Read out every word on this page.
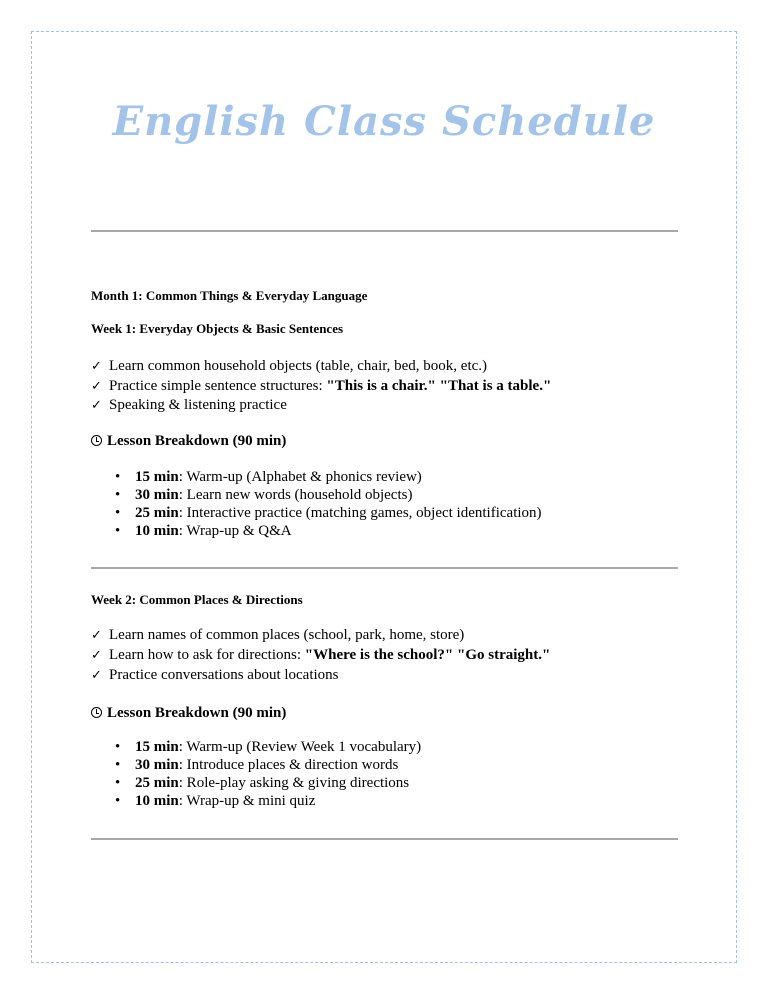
English Class Schedule
Month 1: Common Things & Everyday Language
Week 1: Everyday Objects & Basic Sentences
✓ Learn common household objects (table, chair, bed, book, etc.)
✓ Practice simple sentence structures: "This is a chair." "That is a table."
✓ Speaking & listening practice
Lesson Breakdown (90 min)
• 15 min: Warm-up (Alphabet & phonics review)
• 30 min: Learn new words (household objects)
• 25 min: Interactive practice (matching games, object identification)
• 10 min: Wrap-up & Q&A
Week 2: Common Places & Directions
✓ Learn names of common places (school, park, home, store)
✓ Learn how to ask for directions: "Where is the school?" "Go straight."
✓ Practice conversations about locations
Lesson Breakdown (90 min)
• 15 min: Warm-up (Review Week 1 vocabulary)
• 30 min: Introduce places & direction words
• 25 min: Role-play asking & giving directions
• 10 min: Wrap-up & mini quiz
